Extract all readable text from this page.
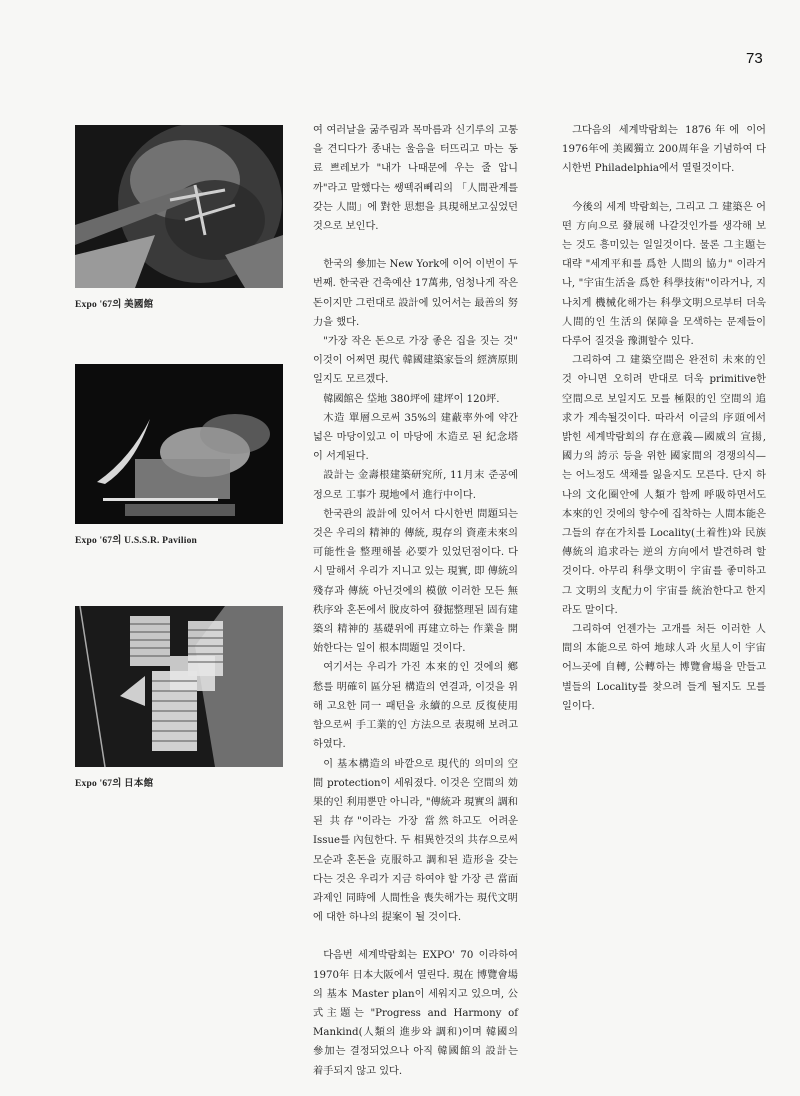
73
Expo '67의 美國館
Expo '67의 U.S.S.R. Pavilion
Expo '67의 日本館

여 여러날을 굶주림과 목마름과 신기루의 고통을 견디다가 종내는 울음을 터뜨리고 마는 동료 쁘레보가 "내가 나때문에 우는 줄 압니까"라고 말했다는 쌩떽쥐뻬리의 「人間관계를 갖는 人間」에 對한 思想을 具現해보고싶었던 것으로 보인다.

한국의 參加는 New York에 이어 이번이 두번째. 한국관 건축예산 17萬弗, 엄청나게 작은 돈이지만 그런대로 設計에 있어서는 最善의 努力을 했다.

"가장 작은 돈으로 가장 좋은 집을 짓는 것" 이것이 어쩌면 現代 韓國建築家들의 經濟原則일지도 모르겠다.

韓國館은 垈地 380坪에 建坪이 120坪.

木造 單層으로써 35%의 建蔽率外에 약간 넓은 마당이있고 이 마당에 木造로 된 紀念塔이 서게된다.

設計는 金壽根建築研究所, 11月末 준공예정으로 工事가 現地에서 進行中이다.

한국관의 設計에 있어서 다시한번 問題되는 것은 우리의 精神的 傳統, 現存의 資產未來의 可能性을 整理해볼 必要가 있었던점이다. 다시 말해서 우리가 지니고 있는 現實, 即 傳統의 殘存과 傳統 아닌것에의 模倣 이러한 모든 無秩序와 혼돈에서 脫皮하여 發掘整理된 固有建築의 精神的 基礎위에 再建立하는 作業을 開始한다는 일이 根本問題일 것이다.

여기서는 우리가 가진 本來的인 것에의 鄕愁를 明確히 區分된 構造의 연결과, 이것을 위해 고요한 同一 패턴을 永續的으로 反復使用함으로써 手工業的인 方法으로 表現해 보려고 하였다.

이 基本構造의 바깥으로 現代的 의미의 空間 protection이 세워졌다. 이것은 空間의 効果的인 利用뿐만 아니라, "傳統과 現實의 調和된 共存"이라는 가장 當然하고도 어려운 Issue를 內包한다. 두 相異한것의 共存으로써 모순과 혼돈을 克服하고 調和된 造形을 갖는다는 것은 우리가 지금 하여야 할 가장 큰 當面과제인 同時에 人間性을 喪失해가는 現代文明에 대한 하나의 提案이 될 것이다.

다음번 세계박람회는 EXPO' 70 이라하여 1970年 日本大阪에서 열린다. 現在 博覽會場의 基本 Master plan이 세워지고 있으며, 公式主題는 "Progress and Harmony of Mankind(人類의 進步와 調和)이며 韓國의 參加는 결정되었으나 아직 韓國館의 設計는 着手되지 않고 있다.

그다음의 세계박람회는 1876年에 이어 1976年에 美國獨立 200周年을 기념하여 다시한번 Philadelphia에서 열릴것이다.

今後의 세계 박람회는, 그리고 그 建築은 어떤 方向으로 發展해 나갈것인가를 생각해 보는 것도 흥미있는 일일것이다. 물론 그主題는 대략 "세계平和를 爲한 人間의 協力" 이라거나, "宇宙生活을 爲한 科學技術"이라거나, 지나치게 機械化해가는 科學文明으로부터 더욱 人間的인 生活의 保障을 모색하는 문제들이 다루어 질것을 豫測할수 있다.

그리하여 그 建築空間은 완전히 未來的인 것 아니면 오히려 반대로 더욱 primitive한 空間으로 보일지도 모를 極限的인 空間의 追求가 계속될것이다. 따라서 이글의 序頭에서 밝힌 세계박람회의 存在意義—國威의 宣揚, 國力의 誇示 등을 위한 國家間의 경쟁의식—는 어느정도 색채를 잃을지도 모른다. 단지 하나의 文化圈안에 人類가 함께 呼吸하면서도 本來的인 것에의 향수에 집착하는 人間本能은 그들의 存在가치를 Locality(土着性)와 民族傳統의 追求라는 逆의 方向에서 발견하려 할것이다. 아무리 科學文明이 宇宙를 좋미하고 그 文明의 支配力이 宇宙를 統治한다고 한지라도 말이다.

그리하여 언젠가는 고개를 처든 이러한 人間의 本能으로 하여 地球人과 火星人이 宇宙 어느곳에 自轉, 公轉하는 博覽會場을 만들고 별들의 Locality를 찾으려 들게 될지도 모를 일이다.
